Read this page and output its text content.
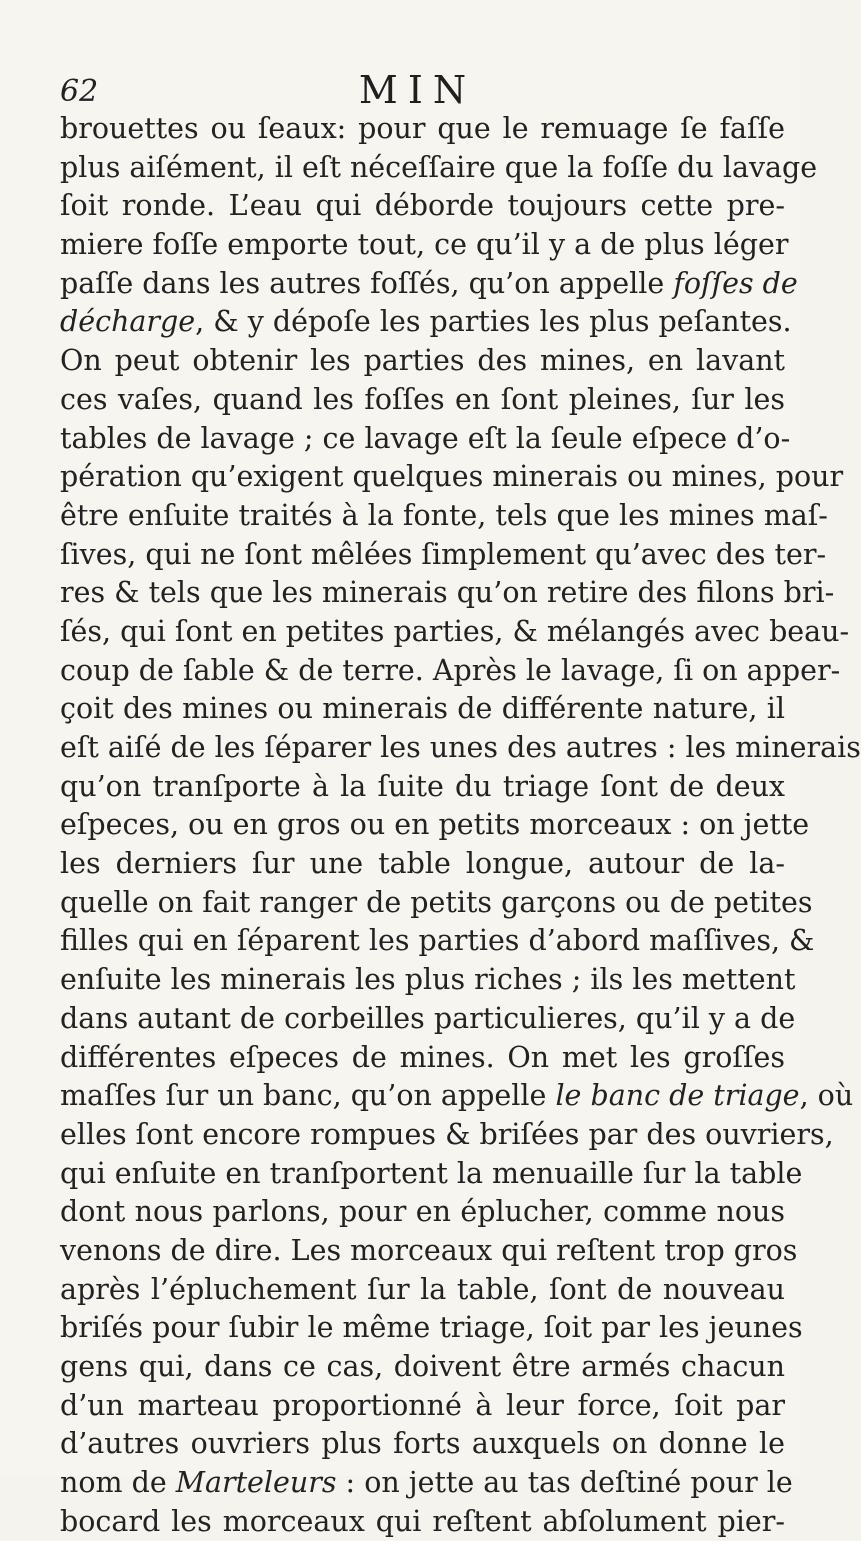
62	MIN
brouettes ou ſeaux: pour que le remuage ſe faſſe
plus aiſément, il eſt néceſſaire que la foſſe du lavage
ſoit ronde. L’eau qui déborde toujours cette pre-
miere foſſe emporte tout, ce qu’il y a de plus léger
paſſe dans les autres foſſés, qu’on appelle foſſes de
décharge, & y dépoſe les parties les plus peſantes.
On peut obtenir les parties des mines, en lavant
ces vaſes, quand les foſſes en ſont pleines, ſur les
tables de lavage ; ce lavage eſt la ſeule eſpece d’o-
pération qu’exigent quelques minerais ou mines, pour
être enſuite traités à la fonte, tels que les mines maſ-
ſives, qui ne ſont mêlées ſimplement qu’avec des ter-
res & tels que les minerais qu’on retire des filons bri-
ſés, qui ſont en petites parties, & mélangés avec beau-
coup de ſable & de terre. Après le lavage, ſi on apper-
çoit des mines ou minerais de différente nature, il
eſt aiſé de les ſéparer les unes des autres : les minerais
qu’on tranſporte à la ſuite du triage ſont de deux
eſpeces, ou en gros ou en petits morceaux : on jette
les derniers ſur une table longue, autour de la-
quelle on fait ranger de petits garçons ou de petites
filles qui en ſéparent les parties d’abord maſſives, &
enſuite les minerais les plus riches ; ils les mettent
dans autant de corbeilles particulieres, qu’il y a de
différentes eſpeces de mines. On met les groſſes
maſſes ſur un banc, qu’on appelle le banc de triage, où
elles ſont encore rompues & briſées par des ouvriers,
qui enſuite en tranſportent la menuaille ſur la table
dont nous parlons, pour en éplucher, comme nous
venons de dire. Les morceaux qui reſtent trop gros
après l’épluchement ſur la table, ſont de nouveau
briſés pour ſubir le même triage, ſoit par les jeunes
gens qui, dans ce cas, doivent être armés chacun
d’un marteau proportionné à leur force, ſoit par
d’autres ouvriers plus forts auxquels on donne le
nom de Marteleurs : on jette au tas deſtiné pour le
bocard les morceaux qui reſtent abſolument pier-
